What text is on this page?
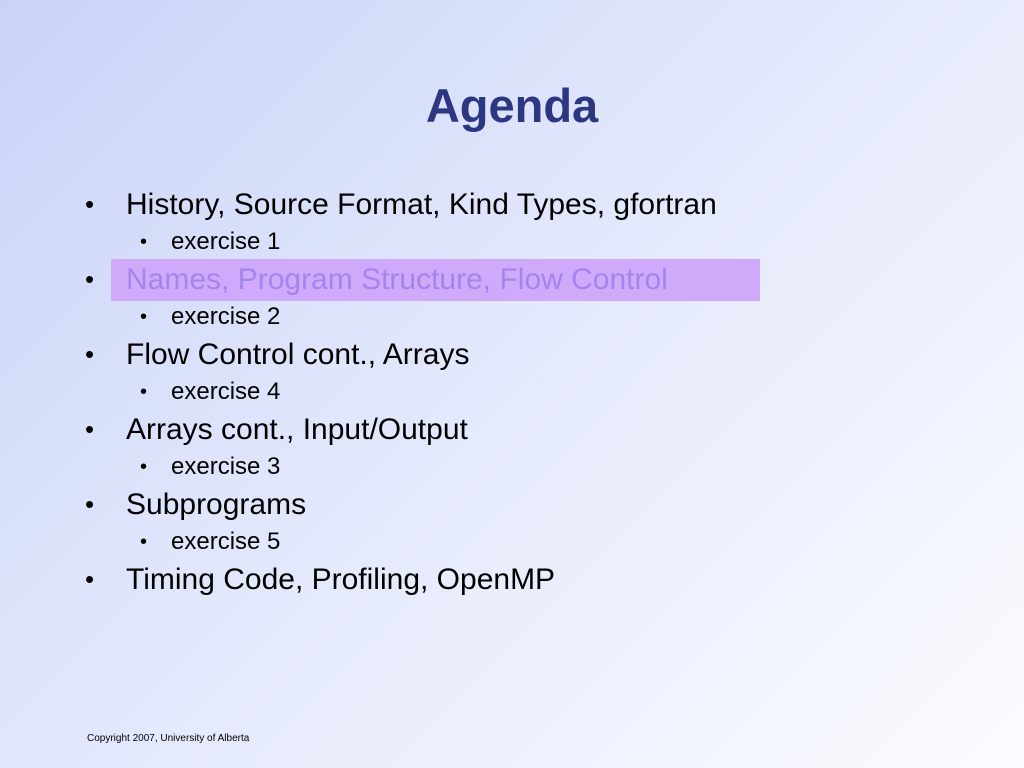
Agenda
•	History, Source Format, Kind Types, gfortran
• exercise 1
•	Names, Program Structure, Flow Control
• exercise 2
•	Flow Control cont., Arrays
• exercise 4
•	Arrays cont., Input/Output
• exercise 3
•	Subprograms
• exercise 5
•	Timing Code, Profiling, OpenMP
Copyright 2007, University of Alberta
